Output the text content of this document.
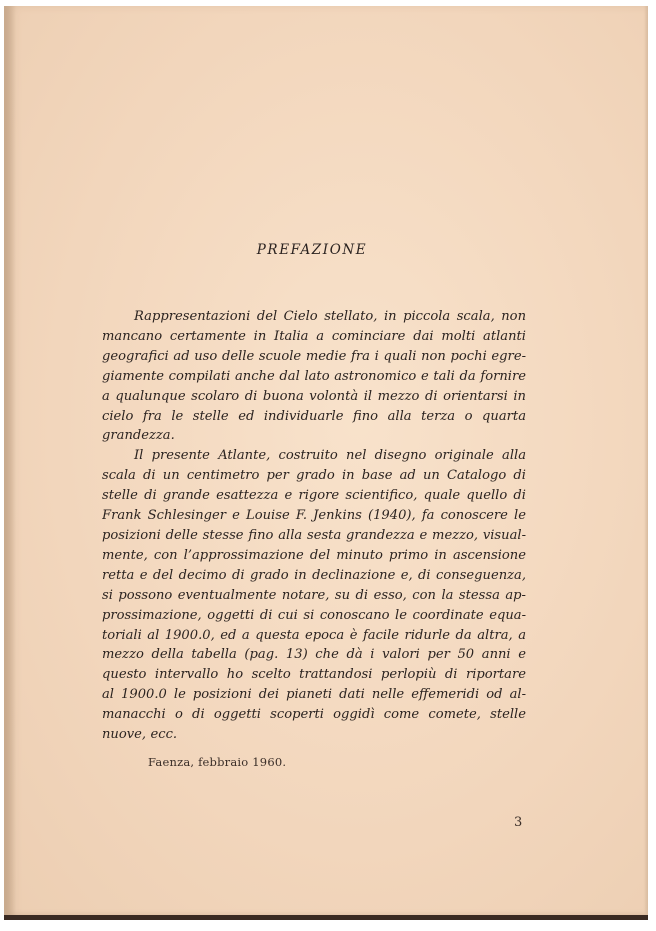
PREFAZIONE
Rappresentazioni del Cielo stellato, in piccola scala, non
mancano certamente in Italia a cominciare dai molti atlanti
geografici ad uso delle scuole medie fra i quali non pochi egre-
giamente compilati anche dal lato astronomico e tali da fornire
a qualunque scolaro di buona volontà il mezzo di orientarsi in
cielo fra le stelle ed individuarle fino alla terza o quarta
grandezza.
Il presente Atlante, costruito nel disegno originale alla
scala di un centimetro per grado in base ad un Catalogo di
stelle di grande esattezza e rigore scientifico, quale quello di
Frank Schlesinger e Louise F. Jenkins (1940), fa conoscere le
posizioni delle stesse fino alla sesta grandezza e mezzo, visual-
mente, con l’approssimazione del minuto primo in ascensione
retta e del decimo di grado in declinazione e, di conseguenza,
si possono eventualmente notare, su di esso, con la stessa ap-
prossimazione, oggetti di cui si conoscano le coordinate equa-
toriali al 1900.0, ed a questa epoca è facile ridurle da altra, a
mezzo della tabella (pag. 13) che dà i valori per 50 anni e
questo intervallo ho scelto trattandosi perlopiù di riportare
al 1900.0 le posizioni dei pianeti dati nelle effemeridi od al-
manacchi o di oggetti scoperti oggidì come comete, stelle
nuove, ecc.
Faenza, febbraio 1960.
3
